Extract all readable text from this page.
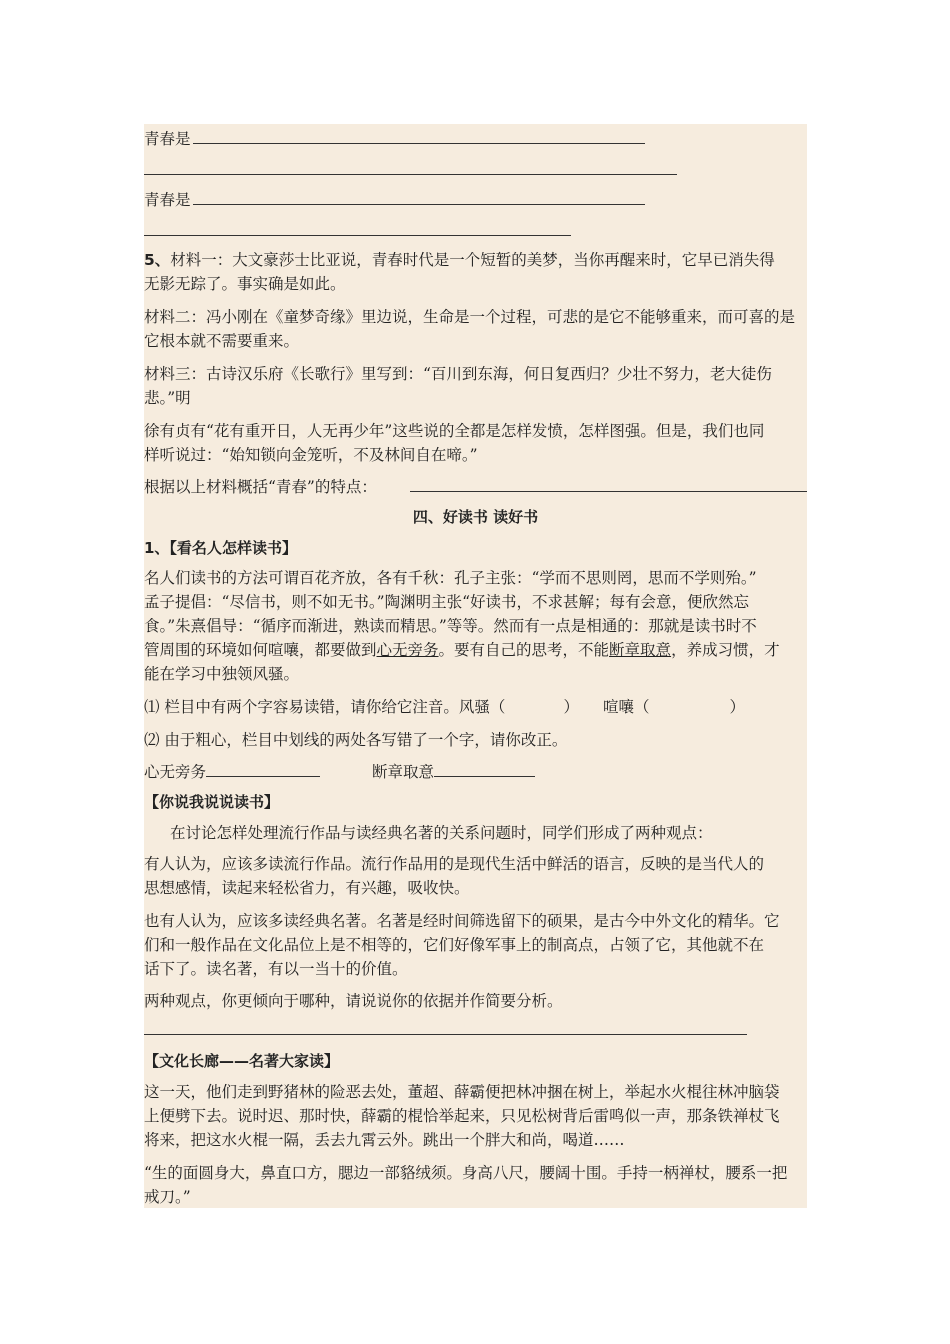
青春是
青春是
5、材料一：大文豪莎士比亚说，青春时代是一个短暂的美梦，当你再醒来时，它早已消失得
无影无踪了。事实确是如此。
材料二：冯小刚在《童梦奇缘》里边说，生命是一个过程，可悲的是它不能够重来，而可喜的是
它根本就不需要重来。
材料三：古诗汉乐府《长歌行》里写到：“百川到东海，何日复西归？少壮不努力，老大徒伤
悲。”明
徐有贞有“花有重开日，人无再少年”这些说的全都是怎样发愤，怎样图强。但是，我们也同
样听说过：“始知锁向金笼听，不及林间自在啼。”
根据以上材料概括“青春”的特点：
四、好读书 读好书
1、【看名人怎样读书】
名人们读书的方法可谓百花齐放，各有千秋：孔子主张：“学而不思则罔，思而不学则殆。”
孟子提倡：“尽信书，则不如无书。”陶渊明主张“好读书，不求甚解；每有会意，便欣然忘
食。”朱熹倡导：“循序而渐进，熟读而精思。”等等。然而有一点是相通的：那就是读书时不
管周围的环境如何喧嚷，都要做到心无旁务。要有自己的思考，不能断章取意，养成习惯，才
能在学习中独领风骚。
⑴ 栏目中有两个字容易读错，请你给它注音。风骚（	） 喧嚷（	）
⑵ 由于粗心，栏目中划线的两处各写错了一个字，请你改正。
心无旁务	断章取意
【你说我说说读书】
在讨论怎样处理流行作品与读经典名著的关系问题时，同学们形成了两种观点：
有人认为，应该多读流行作品。流行作品用的是现代生活中鲜活的语言，反映的是当代人的
思想感情，读起来轻松省力，有兴趣，吸收快。
也有人认为，应该多读经典名著。名著是经时间筛选留下的硕果，是古今中外文化的精华。它
们和一般作品在文化品位上是不相等的，它们好像军事上的制高点，占领了它，其他就不在
话下了。读名著，有以一当十的价值。
两种观点，你更倾向于哪种，请说说你的依据并作简要分析。
【文化长廊——名著大家读】
这一天，他们走到野猪林的险恶去处，董超、薛霸便把林冲捆在树上，举起水火棍往林冲脑袋
上便劈下去。说时迟、那时快，薛霸的棍恰举起来，只见松树背后雷鸣似一声，那条铁禅杖飞
将来，把这水火棍一隔，丢去九霄云外。跳出一个胖大和尚，喝道……
“生的面圆身大，鼻直口方，腮边一部貉绒须。身高八尺，腰阔十围。手持一柄禅杖，腰系一把
戒刀。”
